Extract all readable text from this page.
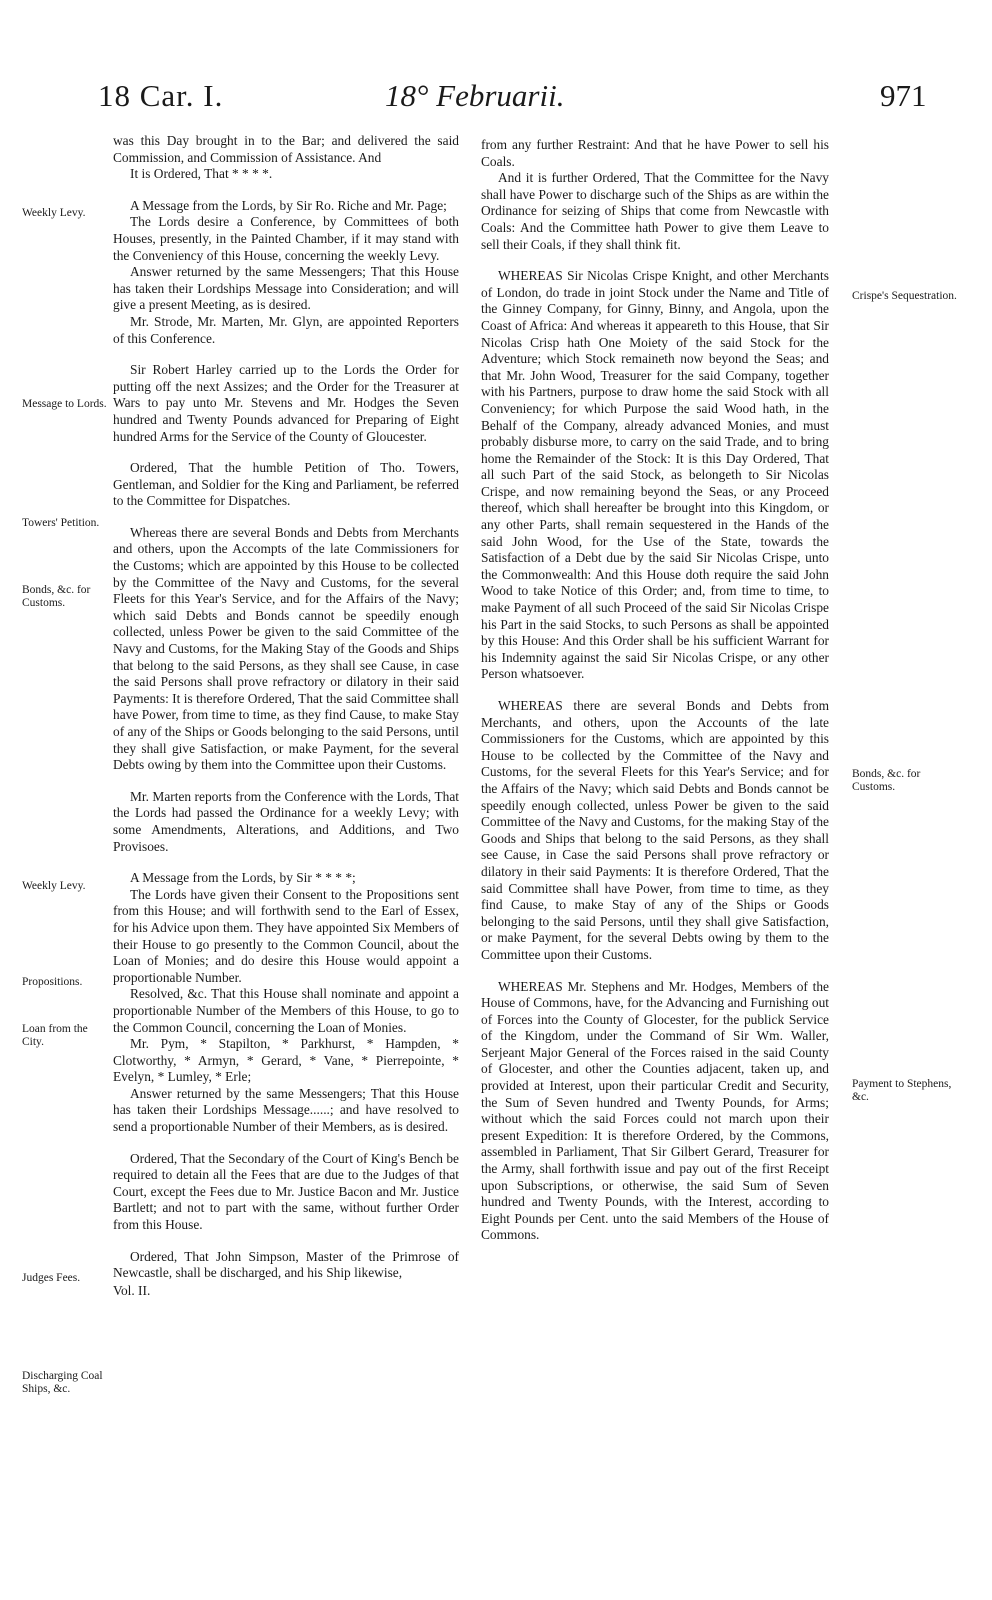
18 Car. I.	18° Februarii.	971

was this Day brought in to the Bar; and delivered the said Commission, and Commission of Assistance. And

It is Ordered, That * * * *.

A Message from the Lords, by Sir Ro. Riche and Mr. Page;

The Lords desire a Conference, by Committees of both Houses, presently, in the Painted Chamber, if it may stand with the Conveniency of this House, concerning the weekly Levy.

Answer returned by the same Messengers; That this House has taken their Lordships Message into Consideration; and will give a present Meeting, as is desired.

Mr. Strode, Mr. Marten, Mr. Glyn, are appointed Reporters of this Conference.

Sir Robert Harley carried up to the Lords the Order for putting off the next Assizes; and the Order for the Treasurer at Wars to pay unto Mr. Stevens and Mr. Hodges the Seven hundred and Twenty Pounds advanced for Preparing of Eight hundred Arms for the Service of the County of Gloucester.

Ordered, That the humble Petition of Tho. Towers, Gentleman, and Soldier for the King and Parliament, be referred to the Committee for Dispatches.

Whereas there are several Bonds and Debts from Merchants and others, upon the Accompts of the late Commissioners for the Customs; which are appointed by this House to be collected by the Committee of the Navy and Customs, for the several Fleets for this Year's Service, and for the Affairs of the Navy; which said Debts and Bonds cannot be speedily enough collected, unless Power be given to the said Committee of the Navy and Customs, for the Making Stay of the Goods and Ships that belong to the said Persons, as they shall see Cause, in case the said Persons shall prove refractory or dilatory in their said Payments: It is therefore Ordered, That the said Committee shall have Power, from time to time, as they find Cause, to make Stay of any of the Ships or Goods belonging to the said Persons, until they shall give Satisfaction, or make Payment, for the several Debts owing by them into the Committee upon their Customs.

Mr. Marten reports from the Conference with the Lords, That the Lords had passed the Ordinance for a weekly Levy; with some Amendments, Alterations, and Additions, and Two Provisoes.

A Message from the Lords, by Sir * * * *;

The Lords have given their Consent to the Propositions sent from this House; and will forthwith send to the Earl of Essex, for his Advice upon them. They have appointed Six Members of their House to go presently to the Common Council, about the Loan of Monies; and do desire this House would appoint a proportionable Number.

Resolved, &c. That this House shall nominate and appoint a proportionable Number of the Members of this House, to go to the Common Council, concerning the Loan of Monies.

Mr. Pym, * Stapilton, * Parkhurst, * Hampden, * Clotworthy, * Armyn, * Gerard, * Vane, * Pierrepointe, * Evelyn, * Lumley, * Erle;

Answer returned by the same Messengers; That this House has taken their Lordships Message......; and have resolved to send a proportionable Number of their Members, as is desired.

Ordered, That the Secondary of the Court of King's Bench be required to detain all the Fees that are due to the Judges of that Court, except the Fees due to Mr. Justice Bacon and Mr. Justice Bartlett; and not to part with the same, without further Order from this House.

Ordered, That John Simpson, Master of the Primrose of Newcastle, shall be discharged, and his Ship likewise,

Vol. II.

from any further Restraint: And that he have Power to sell his Coals.

And it is further Ordered, That the Committee for the Navy shall have Power to discharge such of the Ships as are within the Ordinance for seizing of Ships that come from Newcastle with Coals: And the Committee hath Power to give them Leave to sell their Coals, if they shall think fit.

WHEREAS Sir Nicolas Crispe Knight, and other Merchants of London, do trade in joint Stock under the Name and Title of the Ginney Company, for Ginny, Binny, and Angola, upon the Coast of Africa: And whereas it appeareth to this House, that Sir Nicolas Crisp hath One Moiety of the said Stock for the Adventure; which Stock remaineth now beyond the Seas; and that Mr. John Wood, Treasurer for the said Company, together with his Partners, purpose to draw home the said Stock with all Conveniency; for which Purpose the said Wood hath, in the Behalf of the Company, already advanced Monies, and must probably disburse more, to carry on the said Trade, and to bring home the Remainder of the Stock: It is this Day Ordered, That all such Part of the said Stock, as belongeth to Sir Nicolas Crispe, and now remaining beyond the Seas, or any Proceed thereof, which shall hereafter be brought into this Kingdom, or any other Parts, shall remain sequestered in the Hands of the said John Wood, for the Use of the State, towards the Satisfaction of a Debt due by the said Sir Nicolas Crispe, unto the Commonwealth: And this House doth require the said John Wood to take Notice of this Order; and, from time to time, to make Payment of all such Proceed of the said Sir Nicolas Crispe his Part in the said Stocks, to such Persons as shall be appointed by this House: And this Order shall be his sufficient Warrant for his Indemnity against the said Sir Nicolas Crispe, or any other Person whatsoever.

WHEREAS there are several Bonds and Debts from Merchants, and others, upon the Accounts of the late Commissioners for the Customs, which are appointed by this House to be collected by the Committee of the Navy and Customs, for the several Fleets for this Year's Service; and for the Affairs of the Navy; which said Debts and Bonds cannot be speedily enough collected, unless Power be given to the said Committee of the Navy and Customs, for the making Stay of the Goods and Ships that belong to the said Persons, as they shall see Cause, in Case the said Persons shall prove refractory or dilatory in their said Payments: It is therefore Ordered, That the said Committee shall have Power, from time to time, as they find Cause, to make Stay of any of the Ships or Goods belonging to the said Persons, until they shall give Satisfaction, or make Payment, for the several Debts owing by them to the Committee upon their Customs.

WHEREAS Mr. Stephens and Mr. Hodges, Members of the House of Commons, have, for the Advancing and Furnishing out of Forces into the County of Glocester, for the publick Service of the Kingdom, under the Command of Sir Wm. Waller, Serjeant Major General of the Forces raised in the said County of Glocester, and other the Counties adjacent, taken up, and provided at Interest, upon their particular Credit and Security, the Sum of Seven hundred and Twenty Pounds, for Arms; without which the said Forces could not march upon their present Expedition: It is therefore Ordered, by the Commons, assembled in Parliament, That Sir Gilbert Gerard, Treasurer for the Army, shall forthwith issue and pay out of the first Receipt upon Subscriptions, or otherwise, the said Sum of Seven hundred and Twenty Pounds, with the Interest, according to Eight Pounds per Cent. unto the said Members of the House of Commons.

Weekly Levy.
Message to Lords.
Towers' Petition.
Bonds, &c. for Customs.
Weekly Levy.
Propositions.
Loan from the City.
Judges Fees.
Discharging Coal Ships, &c.
Crispe's Sequestration.
Bonds, &c. for Customs.
Payment to Stephens, &c.
